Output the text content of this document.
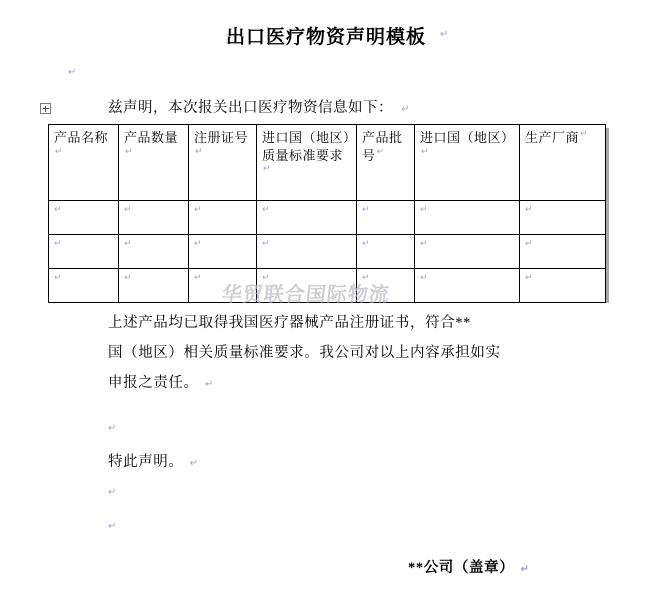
出口医疗物资声明模板	↵
↵
兹声明，本次报关出口医疗物资信息如下： ↵
产品名称↵	产品数量↵	注册证号↵	进口国（地区）质量标准要求↵	产品批号↵	进口国（地区）↵	生产厂商↵

↵	↵	↵	↵	↵	↵	↵

↵	↵	↵	↵	↵	↵	↵

↵	↵	↵	↵	↵	↵	↵
华贸联合国际物流
上述产品均已取得我国医疗器械产品注册证书，符合**
国（地区）相关质量标准要求。我公司对以上内容承担如实
申报之责任。 ↵
↵
特此声明。 ↵
↵
↵
**公司（盖章） ↵
